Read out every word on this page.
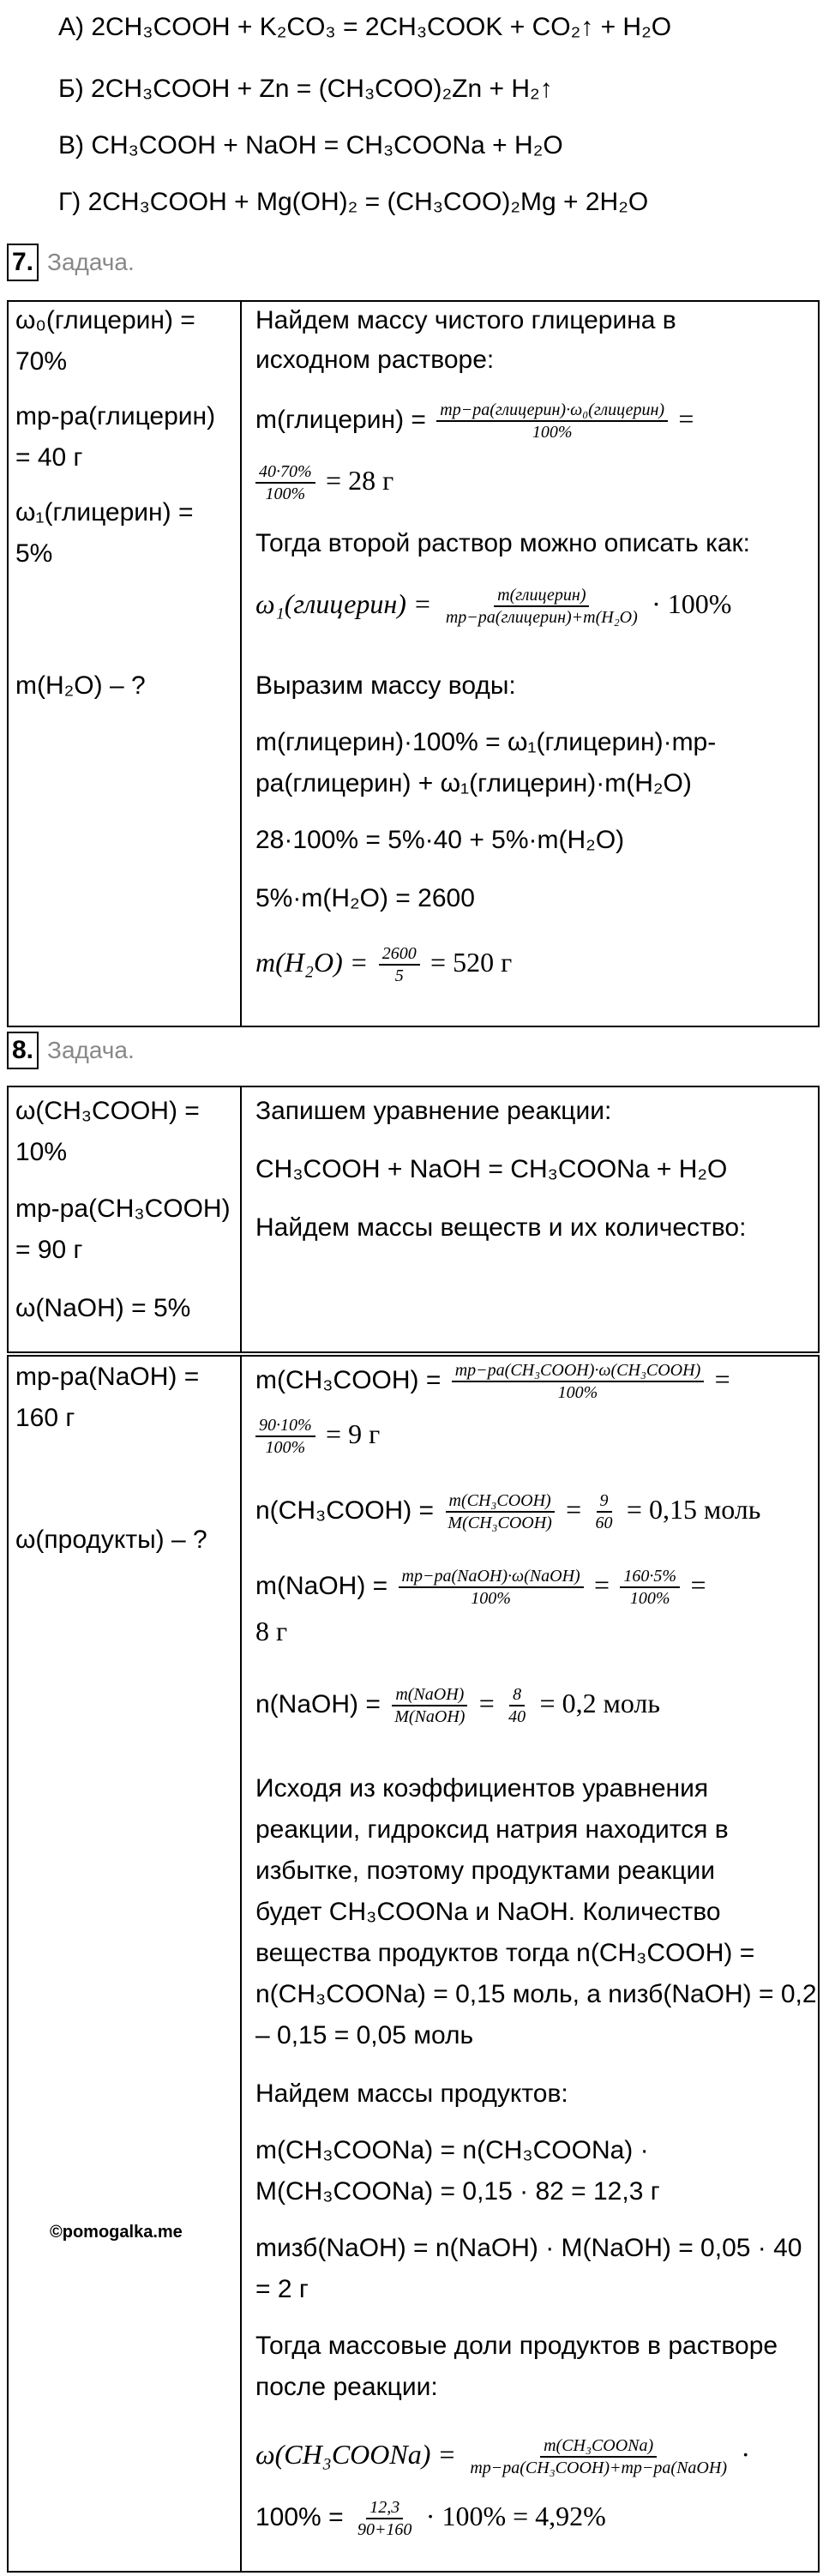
А) 2CH₃COOH + K₂CO₃ = 2CH₃COOK + CO₂↑ + H₂O
Б) 2CH₃COOH + Zn = (CH₃COO)₂Zn + H₂↑
В) CH₃COOH + NaOH = CH₃COONa + H₂O
Г) 2CH₃COOH + Mg(OH)₂ = (CH₃COO)₂Mg + 2H₂O
7. Задача.
ω₀(глицерин) =
70%
mр-ра(глицерин)
= 40 г
ω₁(глицерин) =
5%
m(H₂O) – ?
Найдем массу чистого глицерина в
исходном растворе:
m(глицерин) = $\frac{\text{mр−ра(глицерин)·ω₀(глицерин)}}{100\%}$ =
$\frac{40\cdot 70\%}{100\%} = 28$ г
Тогда второй раствор можно описать как:
ω₁(глицерин) = $\frac{\text{m(глицерин)}}{\text{mр−ра(глицерин)+m(H₂O)}} \cdot 100\%$
Выразим массу воды:
m(глицерин)·100% = ω₁(глицерин)·mр-
ра(глицерин) + ω₁(глицерин)·m(H₂O)
28·100% = 5%·40 + 5%·m(H₂O)
5%·m(H₂O) = 2600
$m(H_2O) = \frac{2600}{5} = 520$ г
8. Задача.
ω(CH₃COOH) =
10%
mр-ра(CH₃COOH)
= 90 г
ω(NaOH) = 5%
Запишем уравнение реакции:
CH₃COOH + NaOH = CH₃COONa + H₂O
Найдем массы веществ и их количество:
mр-ра(NaOH) =
160 г
ω(продукты) – ?
m(CH₃COOH) = $\frac{\text{mр−ра(CH₃COOH)·ω(CH₃COOH)}}{100\%}$ =
$\frac{90\cdot 10\%}{100\%} = 9$ г
n(CH₃COOH) = $\frac{\text{m(CH₃COOH)}}{\text{M(CH₃COOH)}} = \frac{9}{60} = 0,15$ моль
m(NaOH) = $\frac{\text{mр−ра(NaOH)·ω(NaOH)}}{100\%} = \frac{160\cdot 5\%}{100\%}$ =
8 г
n(NaOH) = $\frac{\text{m(NaOH)}}{\text{M(NaOH)}} = \frac{8}{40} = 0,2$ моль
Исходя из коэффициентов уравнения
реакции, гидроксид натрия находится в
избытке, поэтому продуктами реакции
будет CH₃COONa и NaOH. Количество
вещества продуктов тогда n(CH₃COOH) =
n(CH₃COONa) = 0,15 моль, а nизб(NaOH) = 0,2
– 0,15 = 0,05 моль
Найдем массы продуктов:
m(CH₃COONa) = n(CH₃COONa) ·
M(CH₃COONa) = 0,15 · 82 = 12,3 г
mизб(NaOH) = n(NaOH) · M(NaOH) = 0,05 · 40
= 2 г
Тогда массовые доли продуктов в растворе
после реакции:
ω(CH₃COONa) = $\frac{\text{m(CH₃COONa)}}{\text{mр−ра(CH₃COOH)+mр−ра(NaOH)}}$ ·
$100\% = \frac{12,3}{90+160} \cdot 100\% = 4,92\%$
©pomogalka.me
